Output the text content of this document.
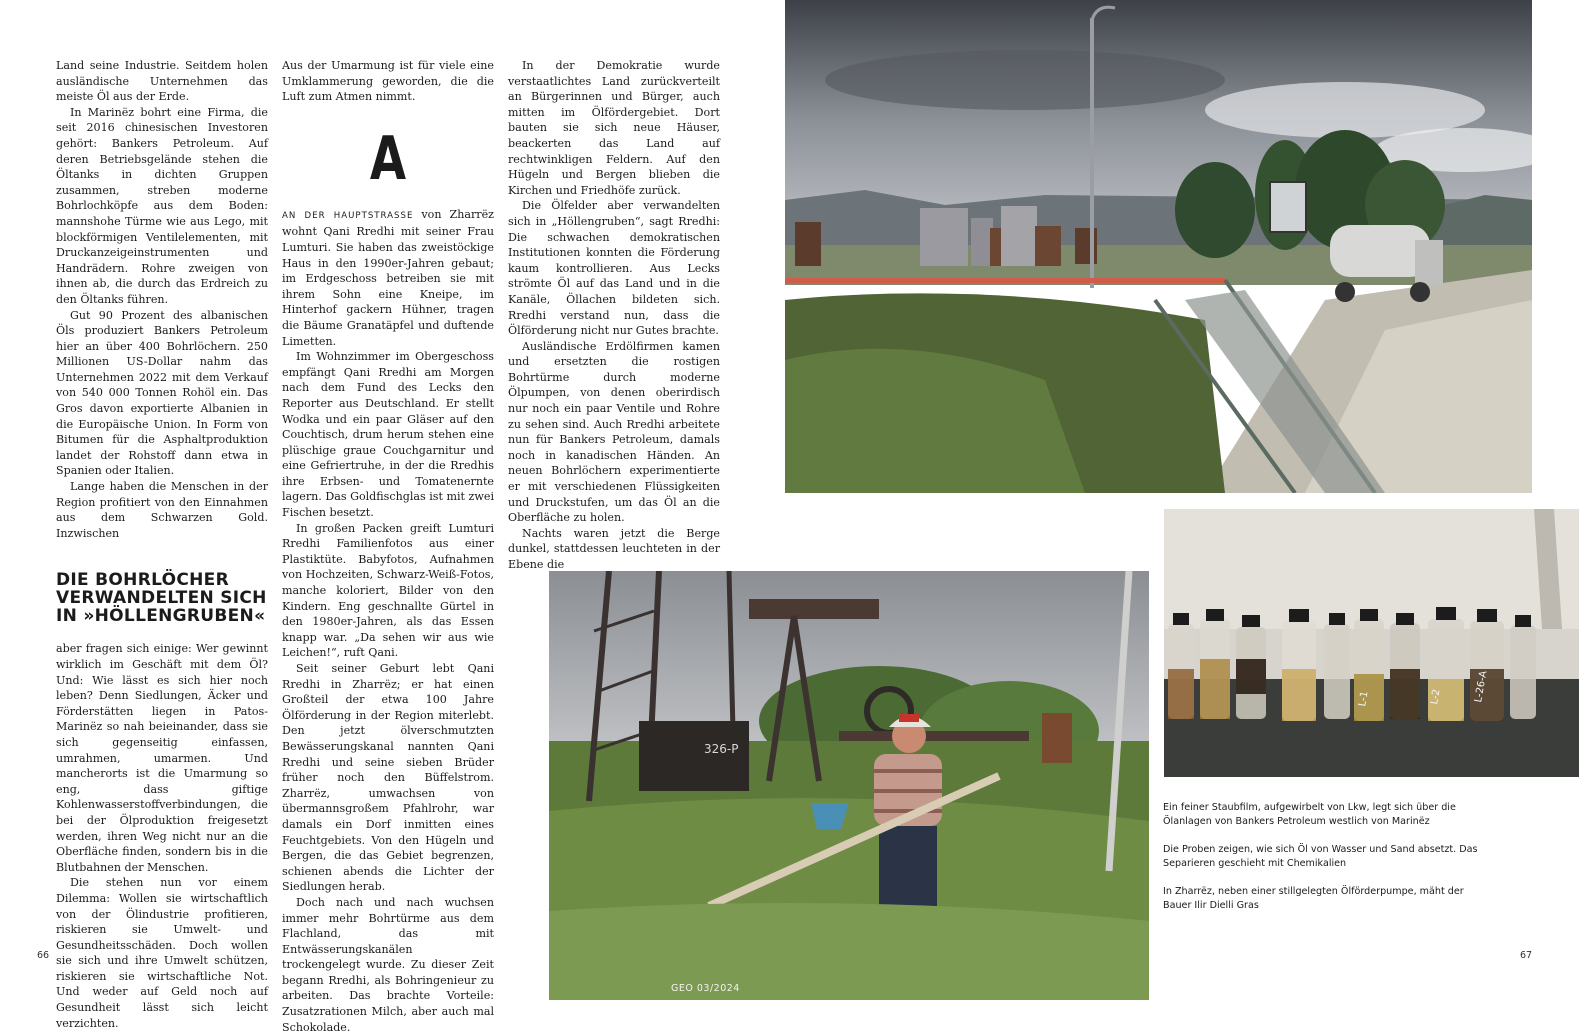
Land seine Industrie. Seitdem holen ausländische Unternehmen das meiste Öl aus der Erde.

In Marinëz bohrt eine Firma, die seit 2016 chinesischen Investoren gehört: Bankers Petroleum. Auf deren Betriebsgelände stehen die Öltanks in dichten Gruppen zusammen, streben moderne Bohrlochköpfe aus dem Boden: mannshohe Türme wie aus Lego, mit blockförmigen Ventilelementen, mit Druckanzeigeinstrumenten und Handrädern. Rohre zweigen von ihnen ab, die durch das Erdreich zu den Öltanks führen.

Gut 90 Prozent des albanischen Öls produziert Bankers Petroleum hier an über 400 Bohrlöchern. 250 Millionen US-Dollar nahm das Unternehmen 2022 mit dem Verkauf von 540 000 Tonnen Rohöl ein. Das Gros davon exportierte Albanien in die Europäische Union. In Form von Bitumen für die Asphaltproduktion landet der Rohstoff dann etwa in Spanien oder Italien.

Lange haben die Menschen in der Region profitiert von den Einnahmen aus dem Schwarzen Gold. Inzwischen

DIE BOHRLÖCHER VERWANDELTEN SICH IN »HÖLLENGRUBEN«

aber fragen sich einige: Wer gewinnt wirklich im Geschäft mit dem Öl? Und: Wie lässt es sich hier noch leben? Denn Siedlungen, Äcker und Förderstätten liegen in Patos-Marinëz so nah beieinander, dass sie sich gegenseitig einfassen, umrahmen, umarmen. Und mancherorts ist die Umarmung so eng, dass giftige Kohlenwasserstoffverbindungen, die bei der Ölproduktion freigesetzt werden, ihren Weg nicht nur an die Oberfläche finden, sondern bis in die Blutbahnen der Menschen.

Die stehen nun vor einem Dilemma: Wollen sie wirtschaftlich von der Ölindustrie profitieren, riskieren sie Umwelt- und Gesundheitsschäden. Doch wollen sie sich und ihre Umwelt schützen, riskieren sie wirtschaftliche Not. Und weder auf Geld noch auf Gesundheit lässt sich leicht verzichten.

Aus der Umarmung ist für viele eine Umklammerung geworden, die die Luft zum Atmen nimmt.

A

AN DER HAUPTSTRASSE von Zharrëz wohnt Qani Rredhi mit seiner Frau Lumturi. Sie haben das zweistöckige Haus in den 1990er-Jahren gebaut; im Erdgeschoss betreiben sie mit ihrem Sohn eine Kneipe, im Hinterhof gackern Hühner, tragen die Bäume Granatäpfel und duftende Limetten.

Im Wohnzimmer im Obergeschoss empfängt Qani Rredhi am Morgen nach dem Fund des Lecks den Reporter aus Deutschland. Er stellt Wodka und ein paar Gläser auf den Couchtisch, drum herum stehen eine plüschige graue Couchgarnitur und eine Gefriertruhe, in der die Rredhis ihre Erbsen- und Tomatenernte lagern. Das Goldfischglas ist mit zwei Fischen besetzt.

In großen Packen greift Lumturi Rredhi Familienfotos aus einer Plastiktüte. Babyfotos, Aufnahmen von Hochzeiten, Schwarz-Weiß-Fotos, manche koloriert, Bilder von den Kindern. Eng geschnallte Gürtel in den 1980er-Jahren, als das Essen knapp war. „Da sehen wir aus wie Leichen!“, ruft Qani.

Seit seiner Geburt lebt Qani Rredhi in Zharrëz; er hat einen Großteil der etwa 100 Jahre Ölförderung in der Region miterlebt. Den jetzt ölverschmutzten Bewässerungskanal nannten Qani Rredhi und seine sieben Brüder früher noch den Büffelstrom. Zharrëz, umwachsen von übermannsgroßem Pfahlrohr, war damals ein Dorf inmitten eines Feuchtgebiets. Von den Hügeln und Bergen, die das Gebiet begrenzen, schienen abends die Lichter der Siedlungen herab.

Doch nach und nach wuchsen immer mehr Bohrtürme aus dem Flachland, das mit Entwässerungskanälen trockengelegt wurde. Zu dieser Zeit begann Rredhi, als Bohringenieur zu arbeiten. Das brachte Vorteile: Zusatzrationen Milch, aber auch mal Schokolade.

In der Demokratie wurde verstaatlichtes Land zurückverteilt an Bürgerinnen und Bürger, auch mitten im Ölfördergebiet. Dort bauten sie sich neue Häuser, beackerten das Land auf rechtwinkligen Feldern. Auf den Hügeln und Bergen blieben die Kirchen und Friedhöfe zurück.

Die Ölfelder aber verwandelten sich in „Höllengruben“, sagt Rredhi: Die schwachen demokratischen Institutionen konnten die Förderung kaum kontrollieren. Aus Lecks strömte Öl auf das Land und in die Kanäle, Öllachen bildeten sich. Rredhi verstand nun, dass die Ölförderung nicht nur Gutes brachte.

Ausländische Erdölfirmen kamen und ersetzten die rostigen Bohrtürme durch moderne Ölpumpen, von denen oberirdisch nur noch ein paar Ventile und Rohre zu sehen sind. Auch Rredhi arbeitete nun für Bankers Petroleum, damals noch in kanadischen Händen. An neuen Bohrlöchern experimentierte er mit verschiedenen Flüssigkeiten und Druckstufen, um das Öl an die Oberfläche zu holen.

Nachts waren jetzt die Berge dunkel, stattdessen leuchteten in der Ebene die

326-P
GEO 03/2024
L-26-A
L-2
L-1

Ein feiner Staubfilm, aufgewirbelt von Lkw, legt sich über die Ölanlagen von Bankers Petroleum westlich von Marinëz

Die Proben zeigen, wie sich Öl von Wasser und Sand absetzt. Das Separieren geschieht mit Chemikalien

In Zharrëz, neben einer stillgelegten Ölförderpumpe, mäht der Bauer Ilir Dielli Gras

66	67
